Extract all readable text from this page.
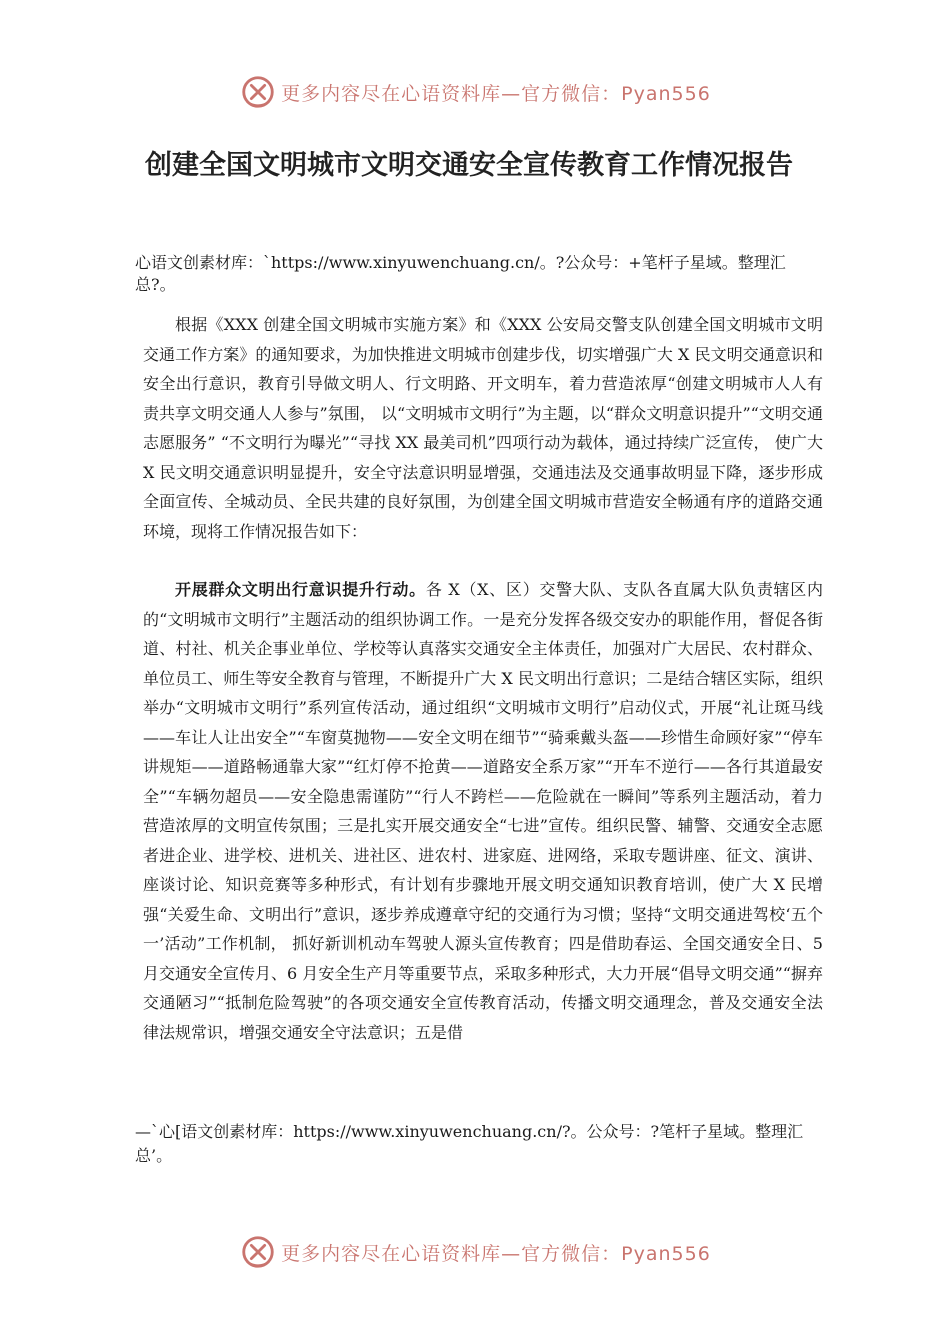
更多内容尽在心语资料库—官方微信：Pyan556
创建全国文明城市文明交通安全宣传教育工作情况报告

心语文创素材库：`https://www.xinyuwenchuang.cn/。?公众号：+笔杆子星域。整理汇总?。

根据《XXX 创建全国文明城市实施方案》和《XXX 公安局交警支队创建全国文明城市文明交通工作方案》的通知要求，为加快推进文明城市创建步伐，切实增强广大 X 民文明交通意识和安全出行意识，教育引导做文明人、行文明路、开文明车，着力营造浓厚“创建文明城市人人有责共享文明交通人人参与”氛围， 以“文明城市文明行”为主题，以“群众文明意识提升”“文明交通志愿服务” “不文明行为曝光”“寻找 XX 最美司机”四项行动为载体，通过持续广泛宣传， 使广大 X 民文明交通意识明显提升，安全守法意识明显增强，交通违法及交通事故明显下降，逐步形成全面宣传、全城动员、全民共建的良好氛围，为创建全国文明城市营造安全畅通有序的道路交通环境，现将工作情况报告如下：

开展群众文明出行意识提升行动。各 X（X、区）交警大队、支队各直属大队负责辖区内的“文明城市文明行”主题活动的组织协调工作。一是充分发挥各级交安办的职能作用，督促各街道、村社、机关企事业单位、学校等认真落实交通安全主体责任，加强对广大居民、农村群众、单位员工、师生等安全教育与管理，不断提升广大 X 民文明出行意识；二是结合辖区实际，组织举办“文明城市文明行”系列宣传活动，通过组织“文明城市文明行”启动仪式，开展“礼让斑马线——车让人让出安全”“车窗莫抛物——安全文明在细节”“骑乘戴头盔——珍惜生命顾好家”“停车讲规矩——道路畅通靠大家”“红灯停不抢黄——道路安全系万家”“开车不逆行——各行其道最安全”“车辆勿超员——安全隐患需谨防”“行人不跨栏——危险就在一瞬间”等系列主题活动，着力营造浓厚的文明宣传氛围；三是扎实开展交通安全“七进”宣传。组织民警、辅警、交通安全志愿者进企业、进学校、进机关、进社区、进农村、进家庭、进网络，采取专题讲座、征文、演讲、座谈讨论、知识竞赛等多种形式，有计划有步骤地开展文明交通知识教育培训，使广大 X 民增强“关爱生命、文明出行”意识，逐步养成遵章守纪的交通行为习惯；坚持“文明交通进驾校‘五个一’活动”工作机制， 抓好新训机动车驾驶人源头宣传教育；四是借助春运、全国交通安全日、5 月交通安全宣传月、6 月安全生产月等重要节点，采取多种形式，大力开展“倡导文明交通”“摒弃交通陋习”“抵制危险驾驶”的各项交通安全宣传教育活动，传播文明交通理念，普及交通安全法律法规常识，增强交通安全守法意识；五是借

—`心[语文创素材库：https://www.xinyuwenchuang.cn/?。公众号：?笔杆子星域。整理汇总’。

更多内容尽在心语资料库—官方微信：Pyan556
